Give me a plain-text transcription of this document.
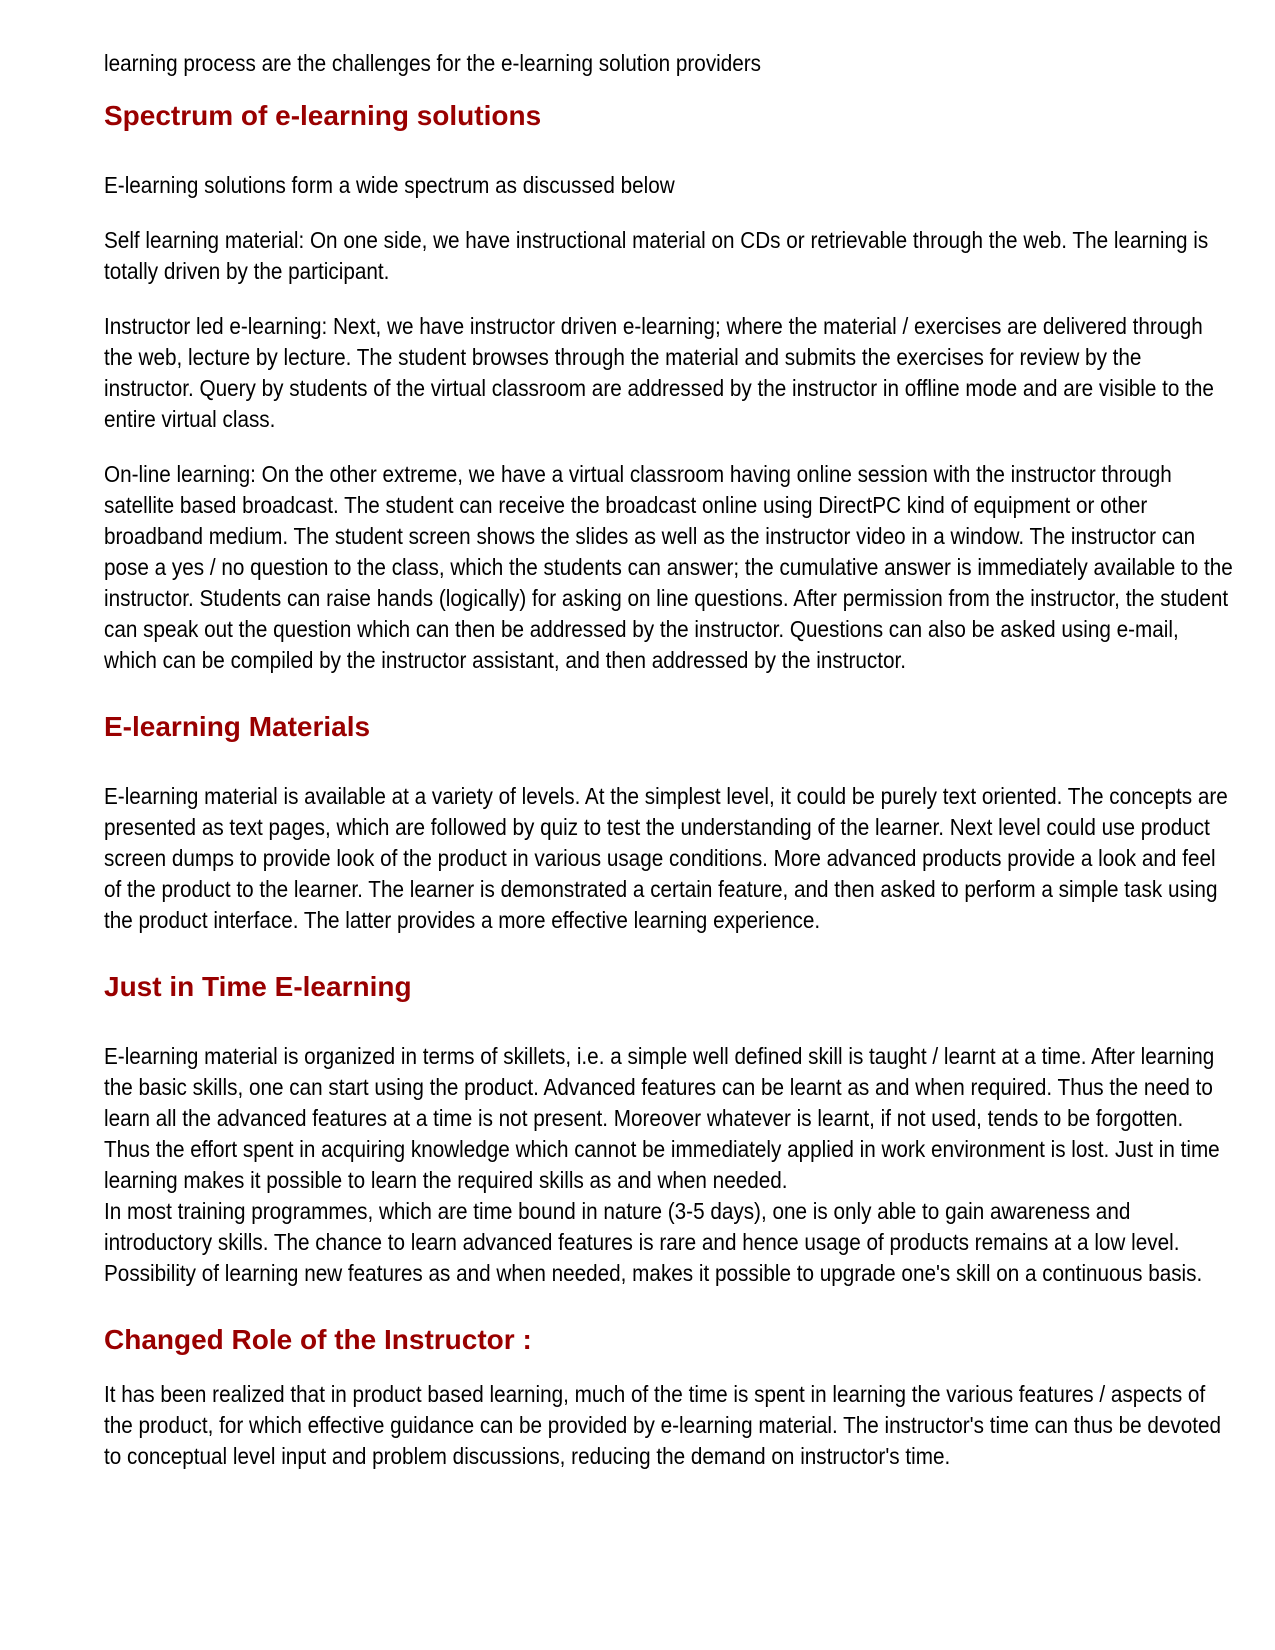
learning process are the challenges for the e-learning solution providers

Spectrum of e-learning solutions

E-learning solutions form a wide spectrum as discussed below

Self learning material: On one side, we have instructional material on CDs or retrievable through the web. The learning is totally driven by the participant.

Instructor led e-learning: Next, we have instructor driven e-learning; where the material / exercises are delivered through the web, lecture by lecture. The student browses through the material and submits the exercises for review by the instructor. Query by students of the virtual classroom are addressed by the instructor in offline mode and are visible to the entire virtual class.

On-line learning: On the other extreme, we have a virtual classroom having online session with the instructor through satellite based broadcast. The student can receive the broadcast online using DirectPC kind of equipment or other broadband medium. The student screen shows the slides as well as the instructor video in a window. The instructor can pose a yes / no question to the class, which the students can answer; the cumulative answer is immediately available to the instructor. Students can raise hands (logically) for asking on line questions. After permission from the instructor, the student can speak out the question which can then be addressed by the instructor. Questions can also be asked using e-mail, which can be compiled by the instructor assistant, and then addressed by the instructor.

E-learning Materials

E-learning material is available at a variety of levels. At the simplest level, it could be purely text oriented. The concepts are presented as text pages, which are followed by quiz to test the understanding of the learner. Next level could use product screen dumps to provide look of the product in various usage conditions. More advanced products provide a look and feel of the product to the learner. The learner is demonstrated a certain feature, and then asked to perform a simple task using the product interface. The latter provides a more effective learning experience.

Just in Time E-learning

E-learning material is organized in terms of skillets, i.e. a simple well defined skill is taught / learnt at a time. After learning the basic skills, one can start using the product. Advanced features can be learnt as and when required. Thus the need to learn all the advanced features at a time is not present. Moreover whatever is learnt, if not used, tends to be forgotten. Thus the effort spent in acquiring knowledge which cannot be immediately applied in work environment is lost. Just in time learning makes it possible to learn the required skills as and when needed.

In most training programmes, which are time bound in nature (3-5 days), one is only able to gain awareness and introductory skills. The chance to learn advanced features is rare and hence usage of products remains at a low level. Possibility of learning new features as and when needed, makes it possible to upgrade one's skill on a continuous basis.

Changed Role of the Instructor :

It has been realized that in product based learning, much of the time is spent in learning the various features / aspects of the product, for which effective guidance can be provided by e-learning material. The instructor's time can thus be devoted to conceptual level input and problem discussions, reducing the demand on instructor's time.
